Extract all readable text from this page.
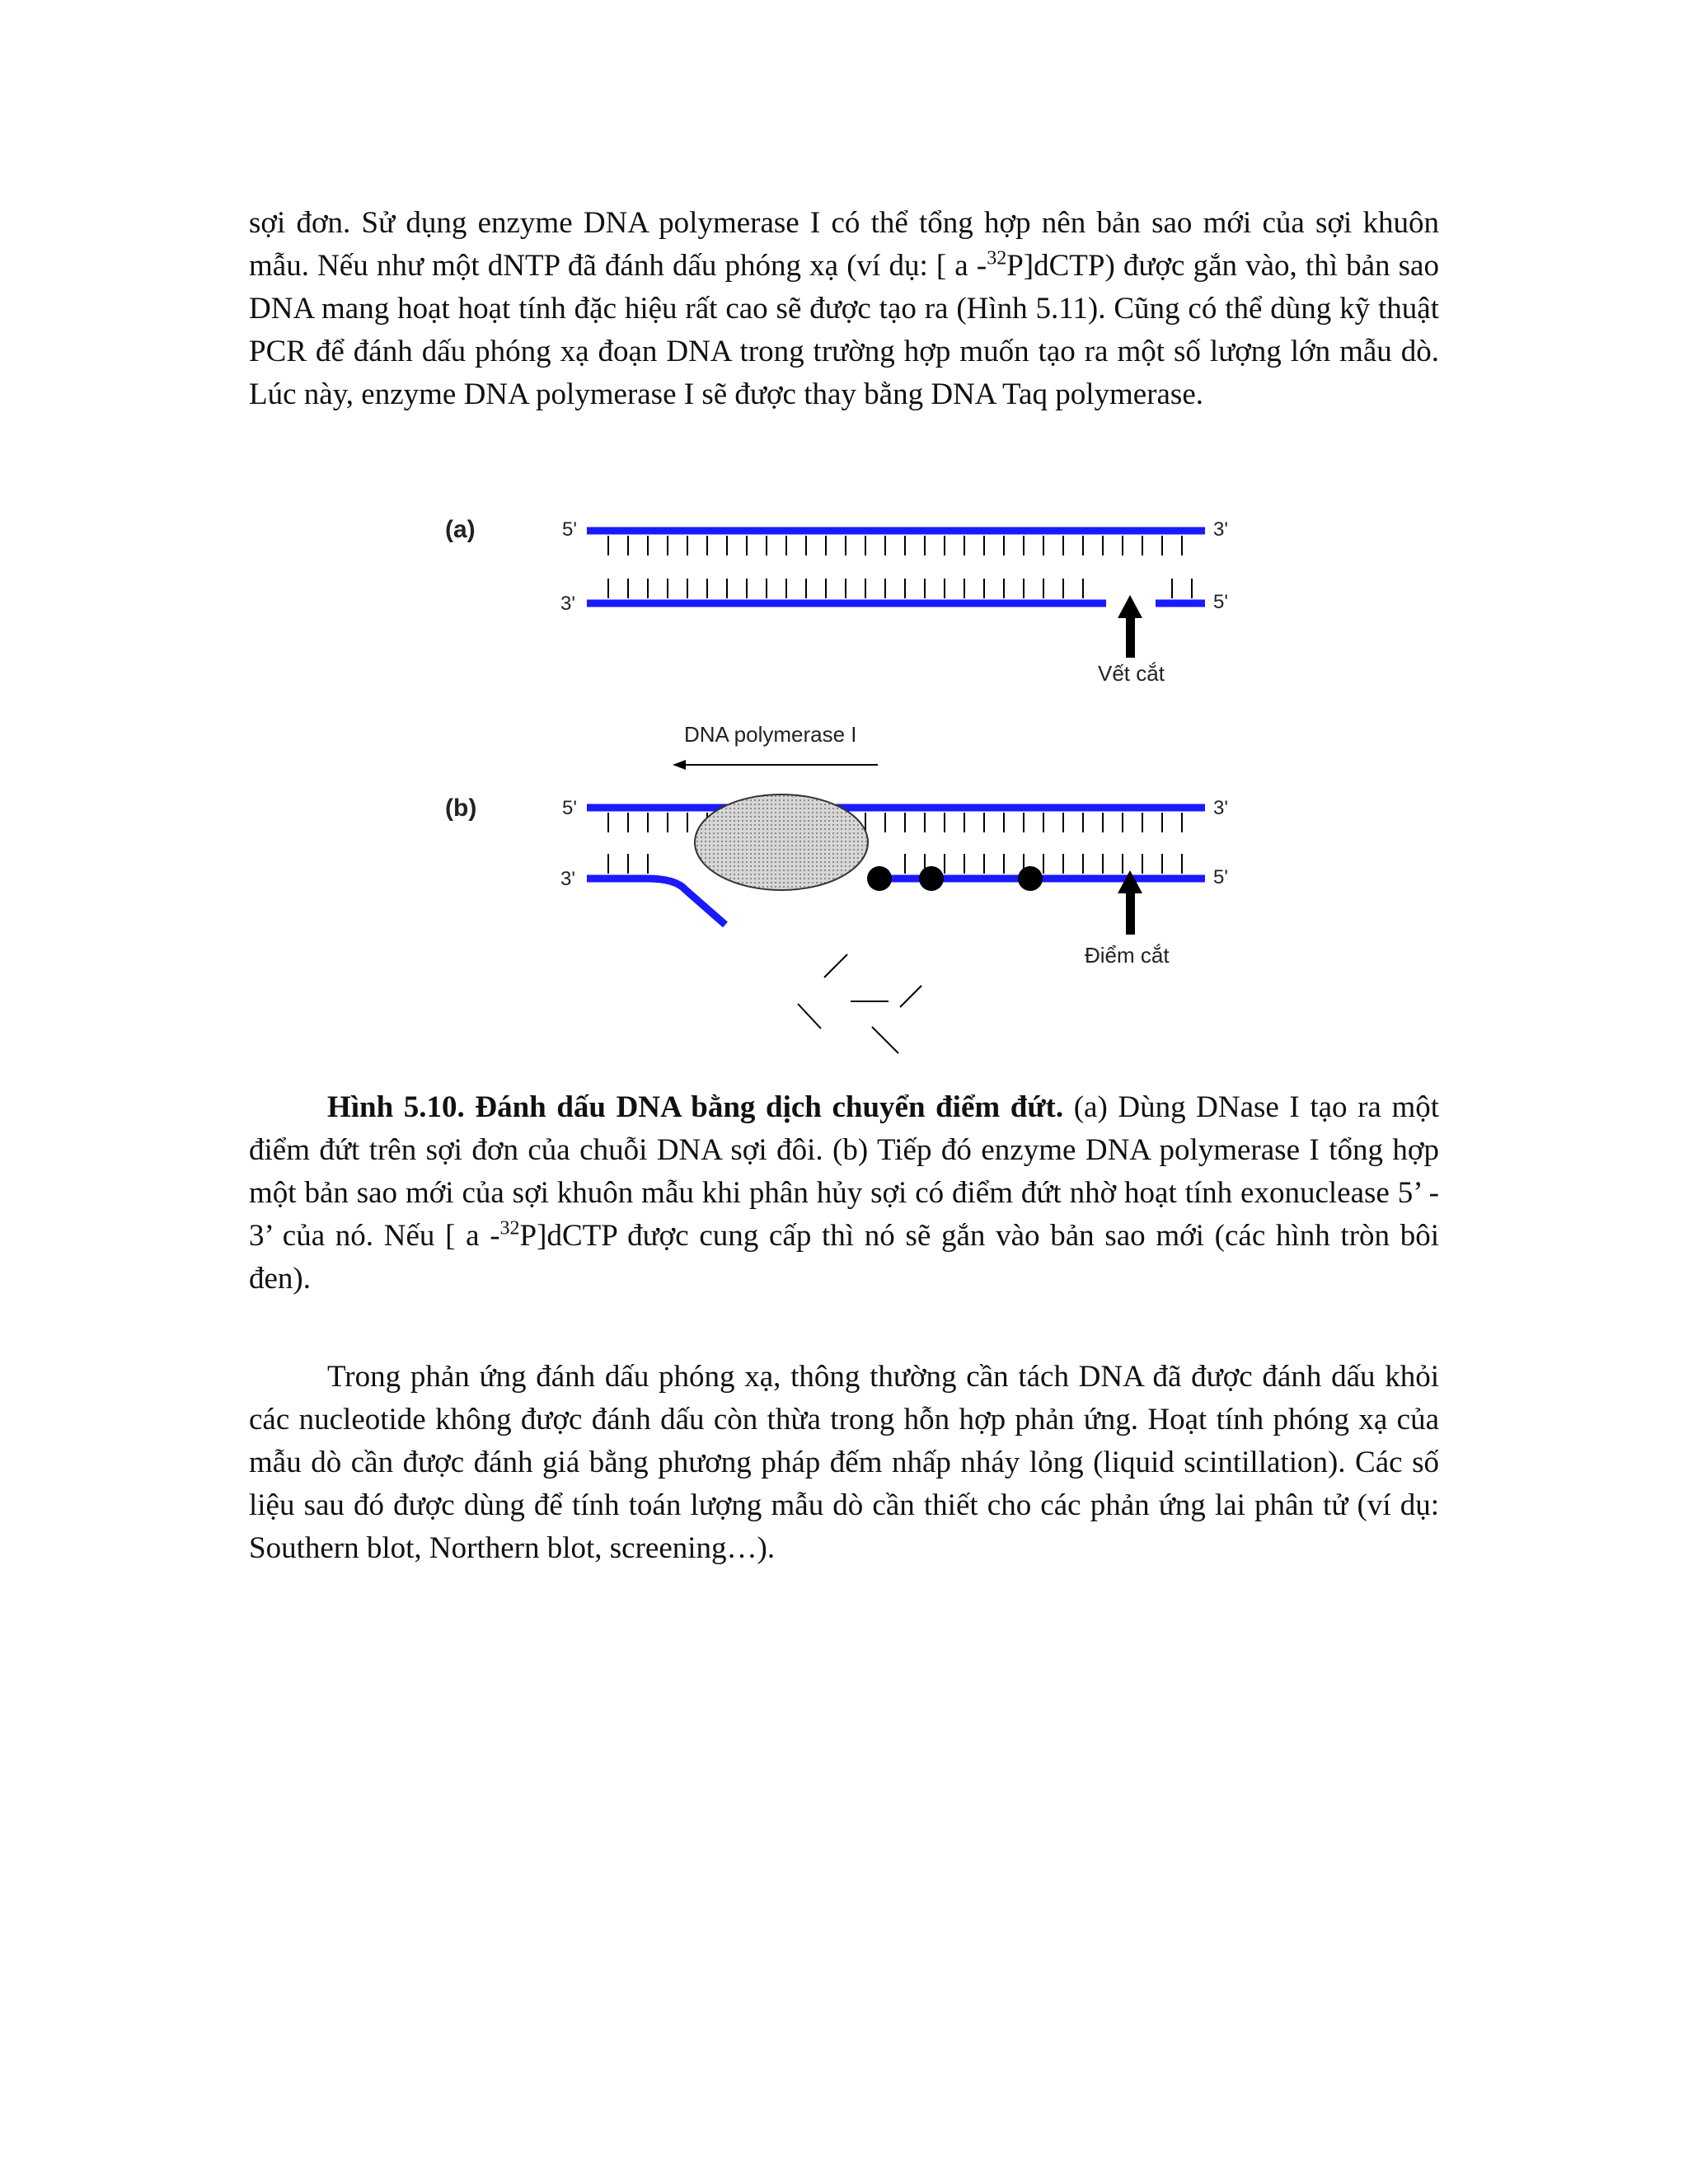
sợi đơn. Sử dụng enzyme DNA polymerase I có thể tổng hợp nên bản sao mới của sợi khuôn mẫu. Nếu như một dNTP đã đánh dấu phóng xạ (ví dụ: [ a -$^{32}$P]dCTP) được gắn vào, thì bản sao DNA mang hoạt hoạt tính đặc hiệu rất cao sẽ được tạo ra (Hình 5.11). Cũng có thể dùng kỹ thuật PCR để đánh dấu phóng xạ đoạn DNA trong trường hợp muốn tạo ra một số lượng lớn mẫu dò. Lúc này, enzyme DNA polymerase I sẽ được thay bằng DNA Taq polymerase.

(a)	5'	3'
3'	5'
Vết cắt
DNA polymerase I
(b)	5'	3'
3'	5'
Điểm cắt

Hình 5.10. Đánh dấu DNA bằng dịch chuyển điểm đứt. (a) Dùng DNase I tạo ra một điểm đứt trên sợi đơn của chuỗi DNA sợi đôi. (b) Tiếp đó enzyme DNA polymerase I tổng hợp một bản sao mới của sợi khuôn mẫu khi phân hủy sợi có điểm đứt nhờ hoạt tính exonuclease 5’ - 3’ của nó. Nếu [ a -$^{32}$P]dCTP được cung cấp thì nó sẽ gắn vào bản sao mới (các hình tròn bôi đen).

Trong phản ứng đánh dấu phóng xạ, thông thường cần tách DNA đã được đánh dấu khỏi các nucleotide không được đánh dấu còn thừa trong hỗn hợp phản ứng. Hoạt tính phóng xạ của mẫu dò cần được đánh giá bằng phương pháp đếm nhấp nháy lỏng (liquid scintillation). Các số liệu sau đó được dùng để tính toán lượng mẫu dò cần thiết cho các phản ứng lai phân tử (ví dụ: Southern blot, Northern blot, screening…).
